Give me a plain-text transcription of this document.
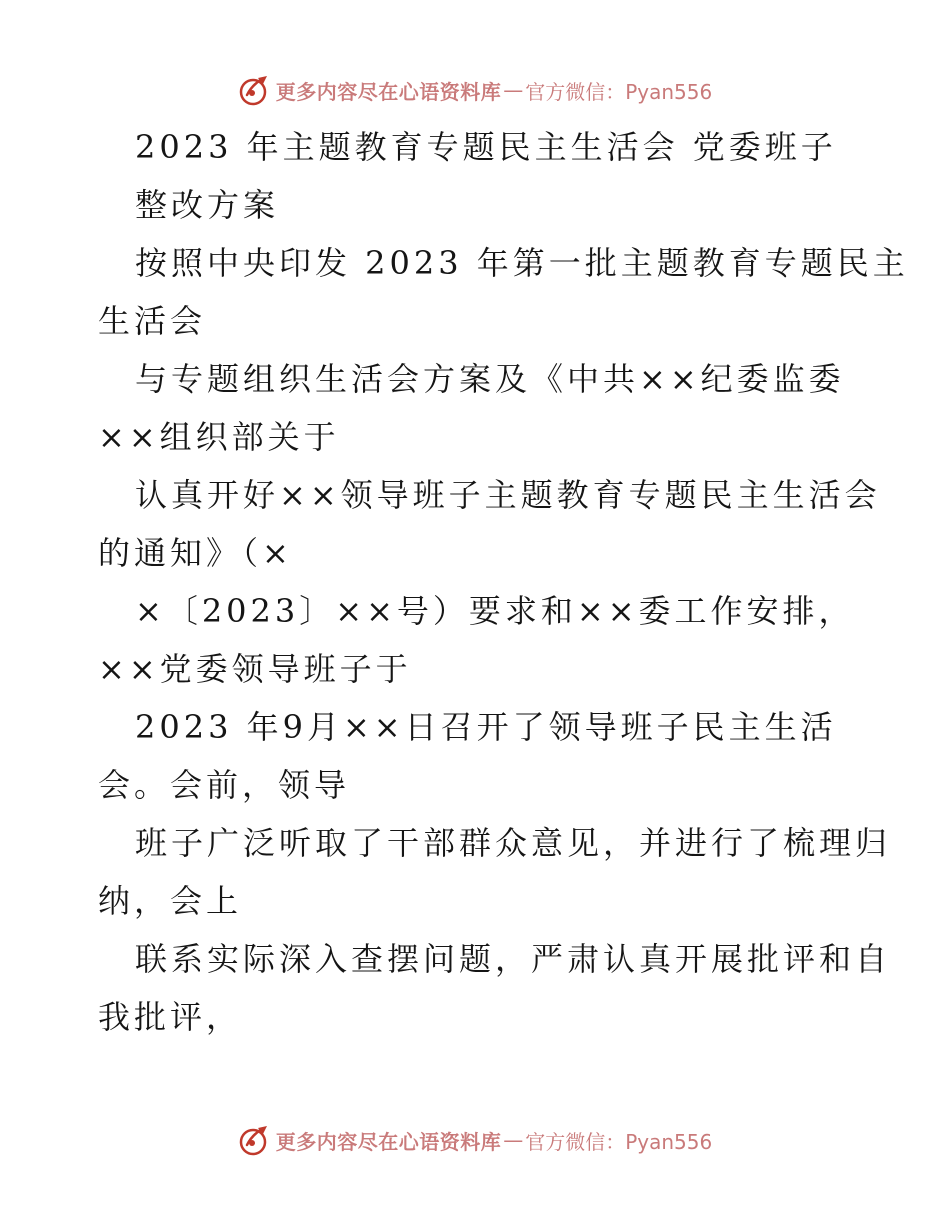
更多内容尽在心语资料库 — 官方微信：Pyan556
2023 年主题教育专题民主生活会 党委班子
整改方案
按照中央印发 2023 年第一批主题教育专题民主
生活会
与专题组织生活会方案及《中共××纪委监委
××组织部关于
认真开好××领导班子主题教育专题民主生活会
的通知》（×
×〔2023〕××号）要求和××委工作安排，
××党委领导班子于
2023 年9月××日召开了领导班子民主生活
会。会前，领导
班子广泛听取了干部群众意见，并进行了梳理归
纳，会上
联系实际深入查摆问题，严肃认真开展批评和自
我批评，
更多内容尽在心语资料库 — 官方微信：Pyan556
